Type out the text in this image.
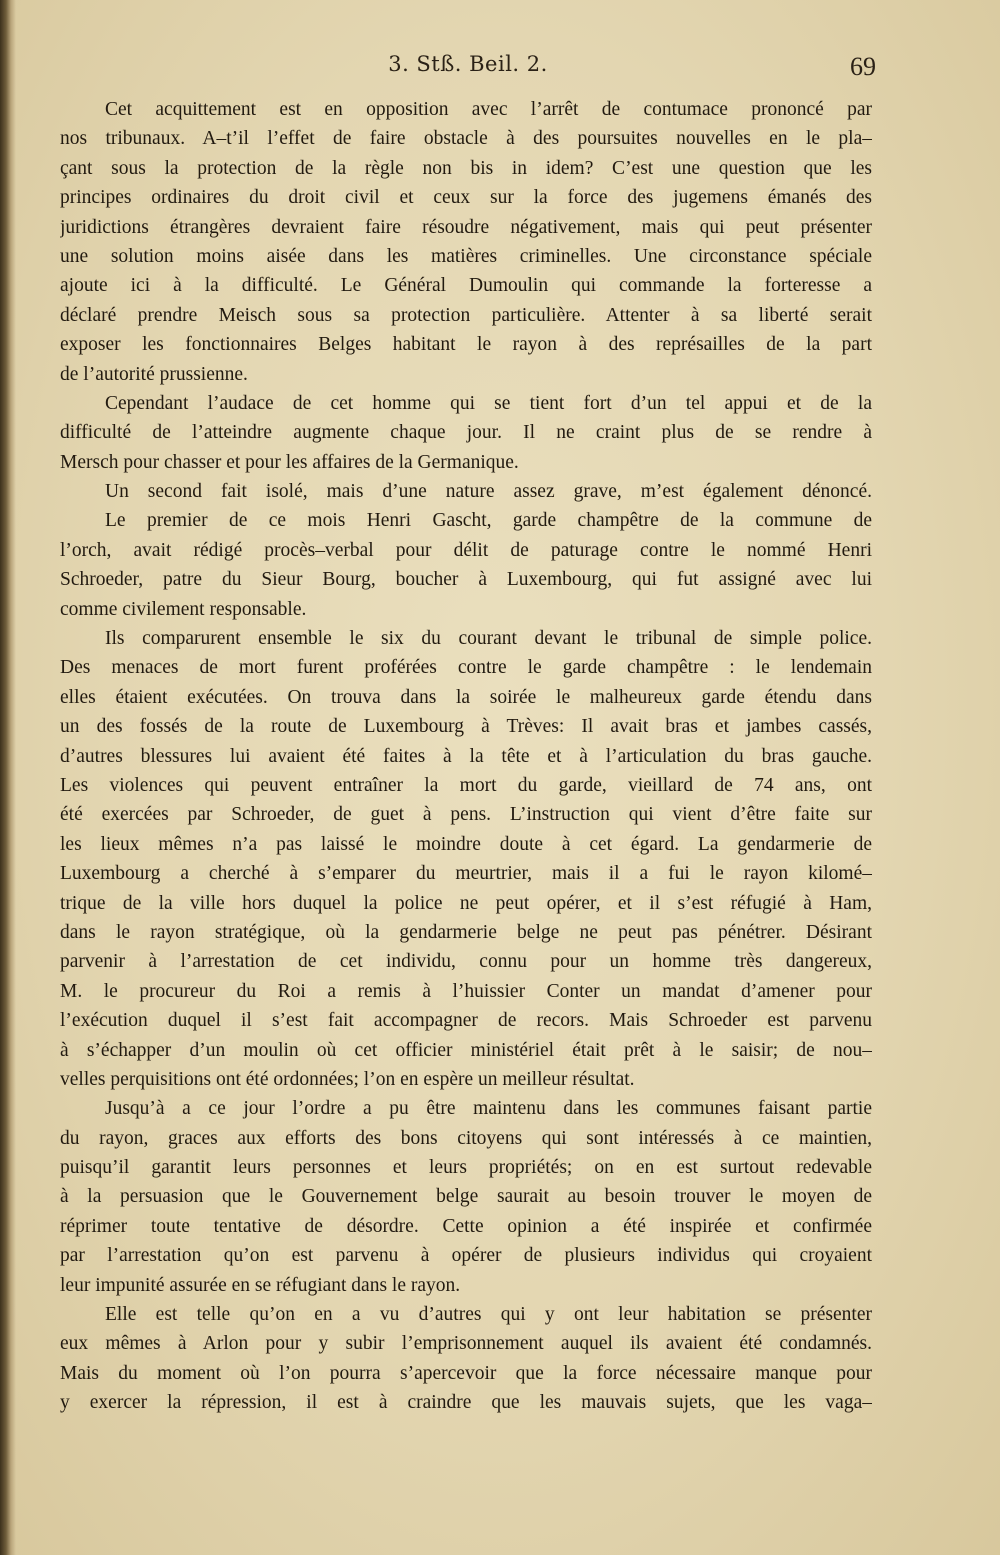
3. Stß. Beil. 2.	69
Cet acquittement est en opposition avec l’arrêt de contumace prononcé par
nos tribunaux. A–t’il l’effet de faire obstacle à des poursuites nouvelles en le pla–
çant sous la protection de la règle non bis in idem? C’est une question que les
principes ordinaires du droit civil et ceux sur la force des jugemens émanés des
juridictions étrangères devraient faire résoudre négativement, mais qui peut présenter
une solution moins aisée dans les matières criminelles. Une circonstance spéciale
ajoute ici à la difficulté. Le Général Dumoulin qui commande la forteresse a
déclaré prendre Meisch sous sa protection particulière. Attenter à sa liberté serait
exposer les fonctionnaires Belges habitant le rayon à des représailles de la part
de l’autorité prussienne.
Cependant l’audace de cet homme qui se tient fort d’un tel appui et de la
difficulté de l’atteindre augmente chaque jour. Il ne craint plus de se rendre à
Mersch pour chasser et pour les affaires de la Germanique.
Un second fait isolé, mais d’une nature assez grave, m’est également dénoncé.
Le premier de ce mois Henri Gascht, garde champêtre de la commune de
l’orch, avait rédigé procès–verbal pour délit de paturage contre le nommé Henri
Schroeder, patre du Sieur Bourg, boucher à Luxembourg, qui fut assigné avec lui
comme civilement responsable.
Ils comparurent ensemble le six du courant devant le tribunal de simple police.
Des menaces de mort furent proférées contre le garde champêtre : le lendemain
elles étaient exécutées. On trouva dans la soirée le malheureux garde étendu dans
un des fossés de la route de Luxembourg à Trèves: Il avait bras et jambes cassés,
d’autres blessures lui avaient été faites à la tête et à l’articulation du bras gauche.
Les violences qui peuvent entraîner la mort du garde, vieillard de 74 ans, ont
été exercées par Schroeder, de guet à pens. L’instruction qui vient d’être faite sur
les lieux mêmes n’a pas laissé le moindre doute à cet égard. La gendarmerie de
Luxembourg a cherché à s’emparer du meurtrier, mais il a fui le rayon kilomé–
trique de la ville hors duquel la police ne peut opérer, et il s’est réfugié à Ham,
dans le rayon stratégique, où la gendarmerie belge ne peut pas pénétrer. Désirant
parvenir à l’arrestation de cet individu, connu pour un homme très dangereux,
M. le procureur du Roi a remis à l’huissier Conter un mandat d’amener pour
l’exécution duquel il s’est fait accompagner de recors. Mais Schroeder est parvenu
à s’échapper d’un moulin où cet officier ministériel était prêt à le saisir; de nou–
velles perquisitions ont été ordonnées; l’on en espère un meilleur résultat.
Jusqu’à a ce jour l’ordre a pu être maintenu dans les communes faisant partie
du rayon, graces aux efforts des bons citoyens qui sont intéressés à ce maintien,
puisqu’il garantit leurs personnes et leurs propriétés; on en est surtout redevable
à la persuasion que le Gouvernement belge saurait au besoin trouver le moyen de
réprimer toute tentative de désordre. Cette opinion a été inspirée et confirmée
par l’arrestation qu’on est parvenu à opérer de plusieurs individus qui croyaient
leur impunité assurée en se réfugiant dans le rayon.
Elle est telle qu’on en a vu d’autres qui y ont leur habitation se présenter
eux mêmes à Arlon pour y subir l’emprisonnement auquel ils avaient été condamnés.
Mais du moment où l’on pourra s’apercevoir que la force nécessaire manque pour
y exercer la répression, il est à craindre que les mauvais sujets, que les vaga–
